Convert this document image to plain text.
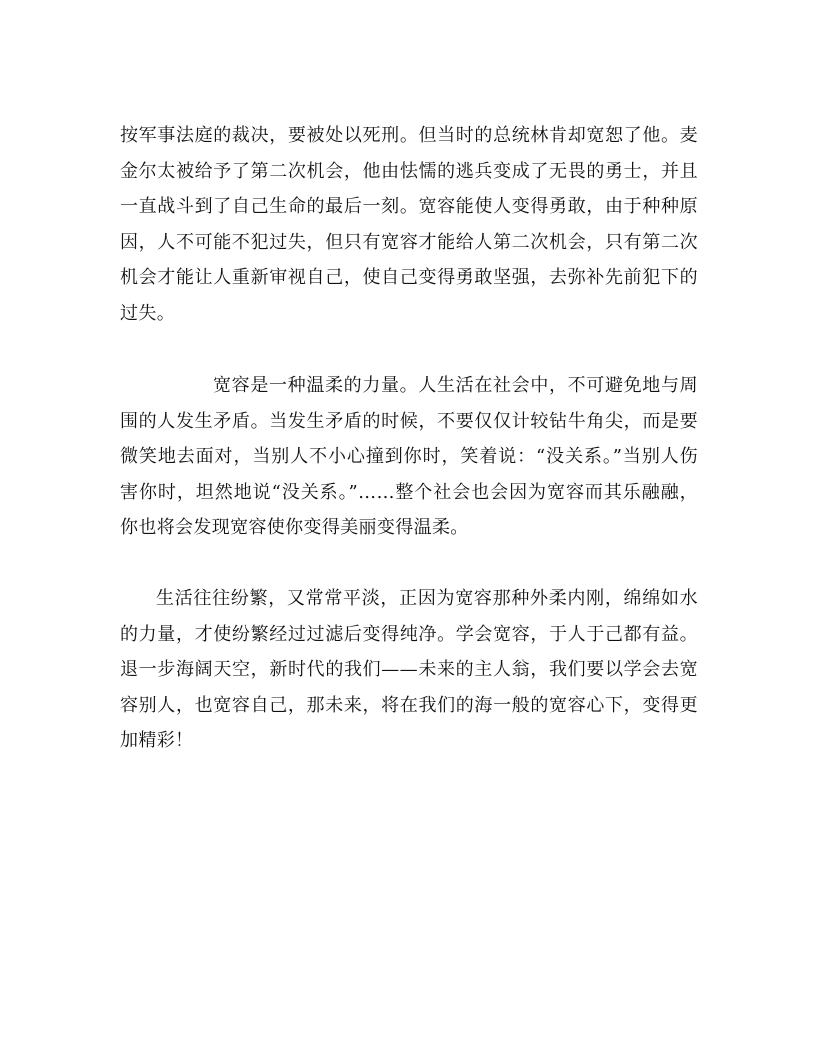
按军事法庭的裁决，要被处以死刑。但当时的总统林肯却宽恕了他。麦金尔太被给予了第二次机会，他由怯懦的逃兵变成了无畏的勇士，并且一直战斗到了自己生命的最后一刻。宽容能使人变得勇敢，由于种种原因，人不可能不犯过失，但只有宽容才能给人第二次机会，只有第二次机会才能让人重新审视自己，使自己变得勇敢坚强，去弥补先前犯下的过失。

宽容是一种温柔的力量。人生活在社会中，不可避免地与周围的人发生矛盾。当发生矛盾的时候，不要仅仅计较钻牛角尖，而是要微笑地去面对，当别人不小心撞到你时，笑着说：“没关系。”当别人伤害你时，坦然地说“没关系。”……整个社会也会因为宽容而其乐融融，你也将会发现宽容使你变得美丽变得温柔。

生活往往纷繁，又常常平淡，正因为宽容那种外柔内刚，绵绵如水的力量，才使纷繁经过过滤后变得纯净。学会宽容，于人于己都有益。退一步海阔天空，新时代的我们——未来的主人翁，我们要以学会去宽容别人，也宽容自己，那未来，将在我们的海一般的宽容心下，变得更加精彩！
